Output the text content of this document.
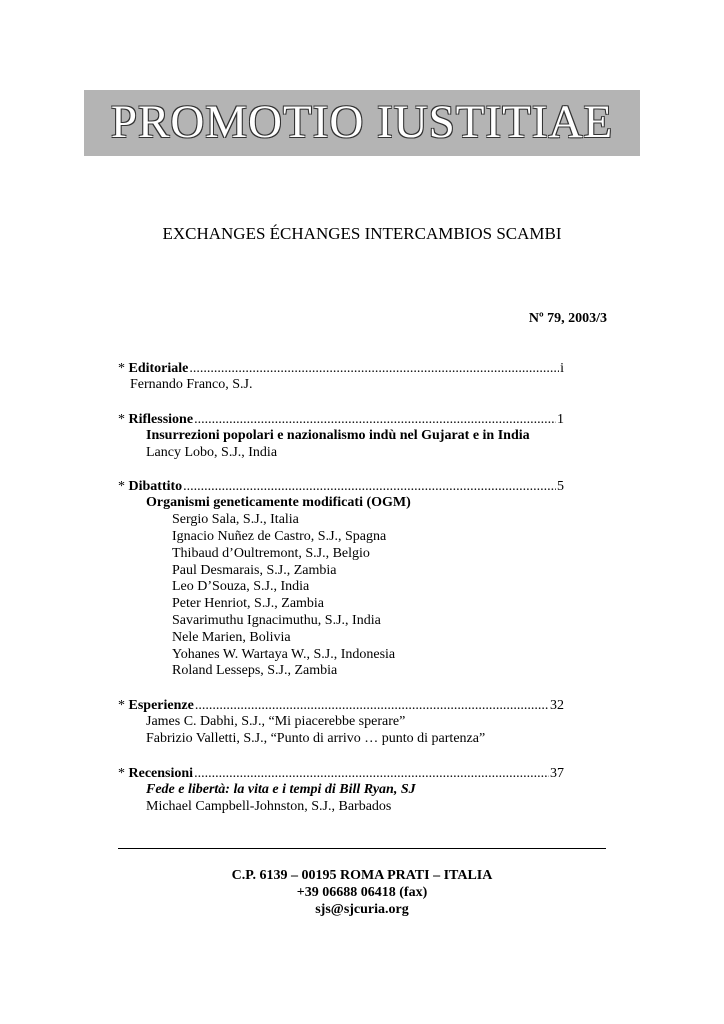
PROMOTIO IUSTITIAE
EXCHANGES ÉCHANGES INTERCAMBIOS SCAMBI
Nº 79, 2003/3
* Editoriale .....	i
Fernando Franco, S.J.
* Riflessione .....	1
Insurrezioni popolari e nazionalismo indù nel Gujarat e in India
Lancy Lobo, S.J., India
* Dibattito .....	5
Organismi geneticamente modificati (OGM)
Sergio Sala, S.J., Italia
Ignacio Nuñez de Castro, S.J., Spagna
Thibaud d’Oultremont, S.J., Belgio
Paul Desmarais, S.J., Zambia
Leo D’Souza, S.J., India
Peter Henriot, S.J., Zambia
Savarimuthu Ignacimuthu, S.J., India
Nele Marien, Bolivia
Yohanes W. Wartaya W., S.J., Indonesia
Roland Lesseps, S.J., Zambia
* Esperienze .....	32
James C. Dabhi, S.J., “Mi piacerebbe sperare”
Fabrizio Valletti, S.J., “Punto di arrivo … punto di partenza”
* Recensioni .....	37
Fede e libertà: la vita e i tempi di Bill Ryan, SJ
Michael Campbell-Johnston, S.J., Barbados
C.P. 6139 – 00195 ROMA PRATI – ITALIA
+39 06688 06418 (fax)
sjs@sjcuria.org
